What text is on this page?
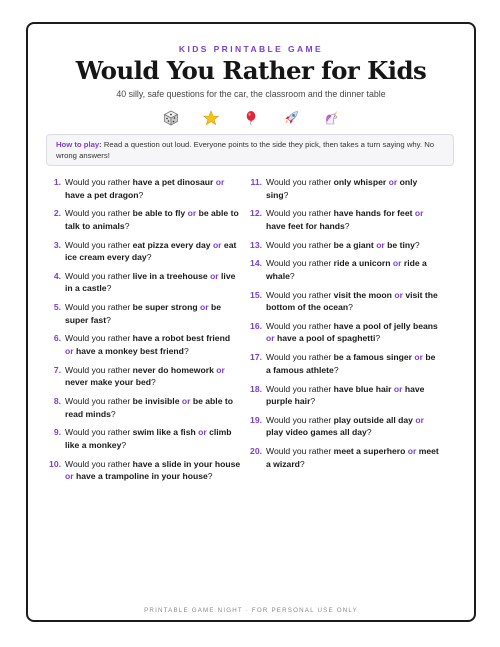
KIDS PRINTABLE GAME
Would You Rather for Kids
40 silly, safe questions for the car, the classroom and the dinner table
How to play: Read a question out loud. Everyone points to the side they pick, then takes a turn saying why. No wrong answers!
1. Would you rather have a pet dinosaur or have a pet dragon?
2. Would you rather be able to fly or be able to talk to animals?
3. Would you rather eat pizza every day or eat ice cream every day?
4. Would you rather live in a treehouse or live in a castle?
5. Would you rather be super strong or be super fast?
6. Would you rather have a robot best friend or have a monkey best friend?
7. Would you rather never do homework or never make your bed?
8. Would you rather be invisible or be able to read minds?
9. Would you rather swim like a fish or climb like a monkey?
10. Would you rather have a slide in your house or have a trampoline in your house?
11. Would you rather only whisper or only sing?
12. Would you rather have hands for feet or have feet for hands?
13. Would you rather be a giant or be tiny?
14. Would you rather ride a unicorn or ride a whale?
15. Would you rather visit the moon or visit the bottom of the ocean?
16. Would you rather have a pool of jelly beans or have a pool of spaghetti?
17. Would you rather be a famous singer or be a famous athlete?
18. Would you rather have blue hair or have purple hair?
19. Would you rather play outside all day or play video games all day?
20. Would you rather meet a superhero or meet a wizard?
PRINTABLE GAME NIGHT · FOR PERSONAL USE ONLY
